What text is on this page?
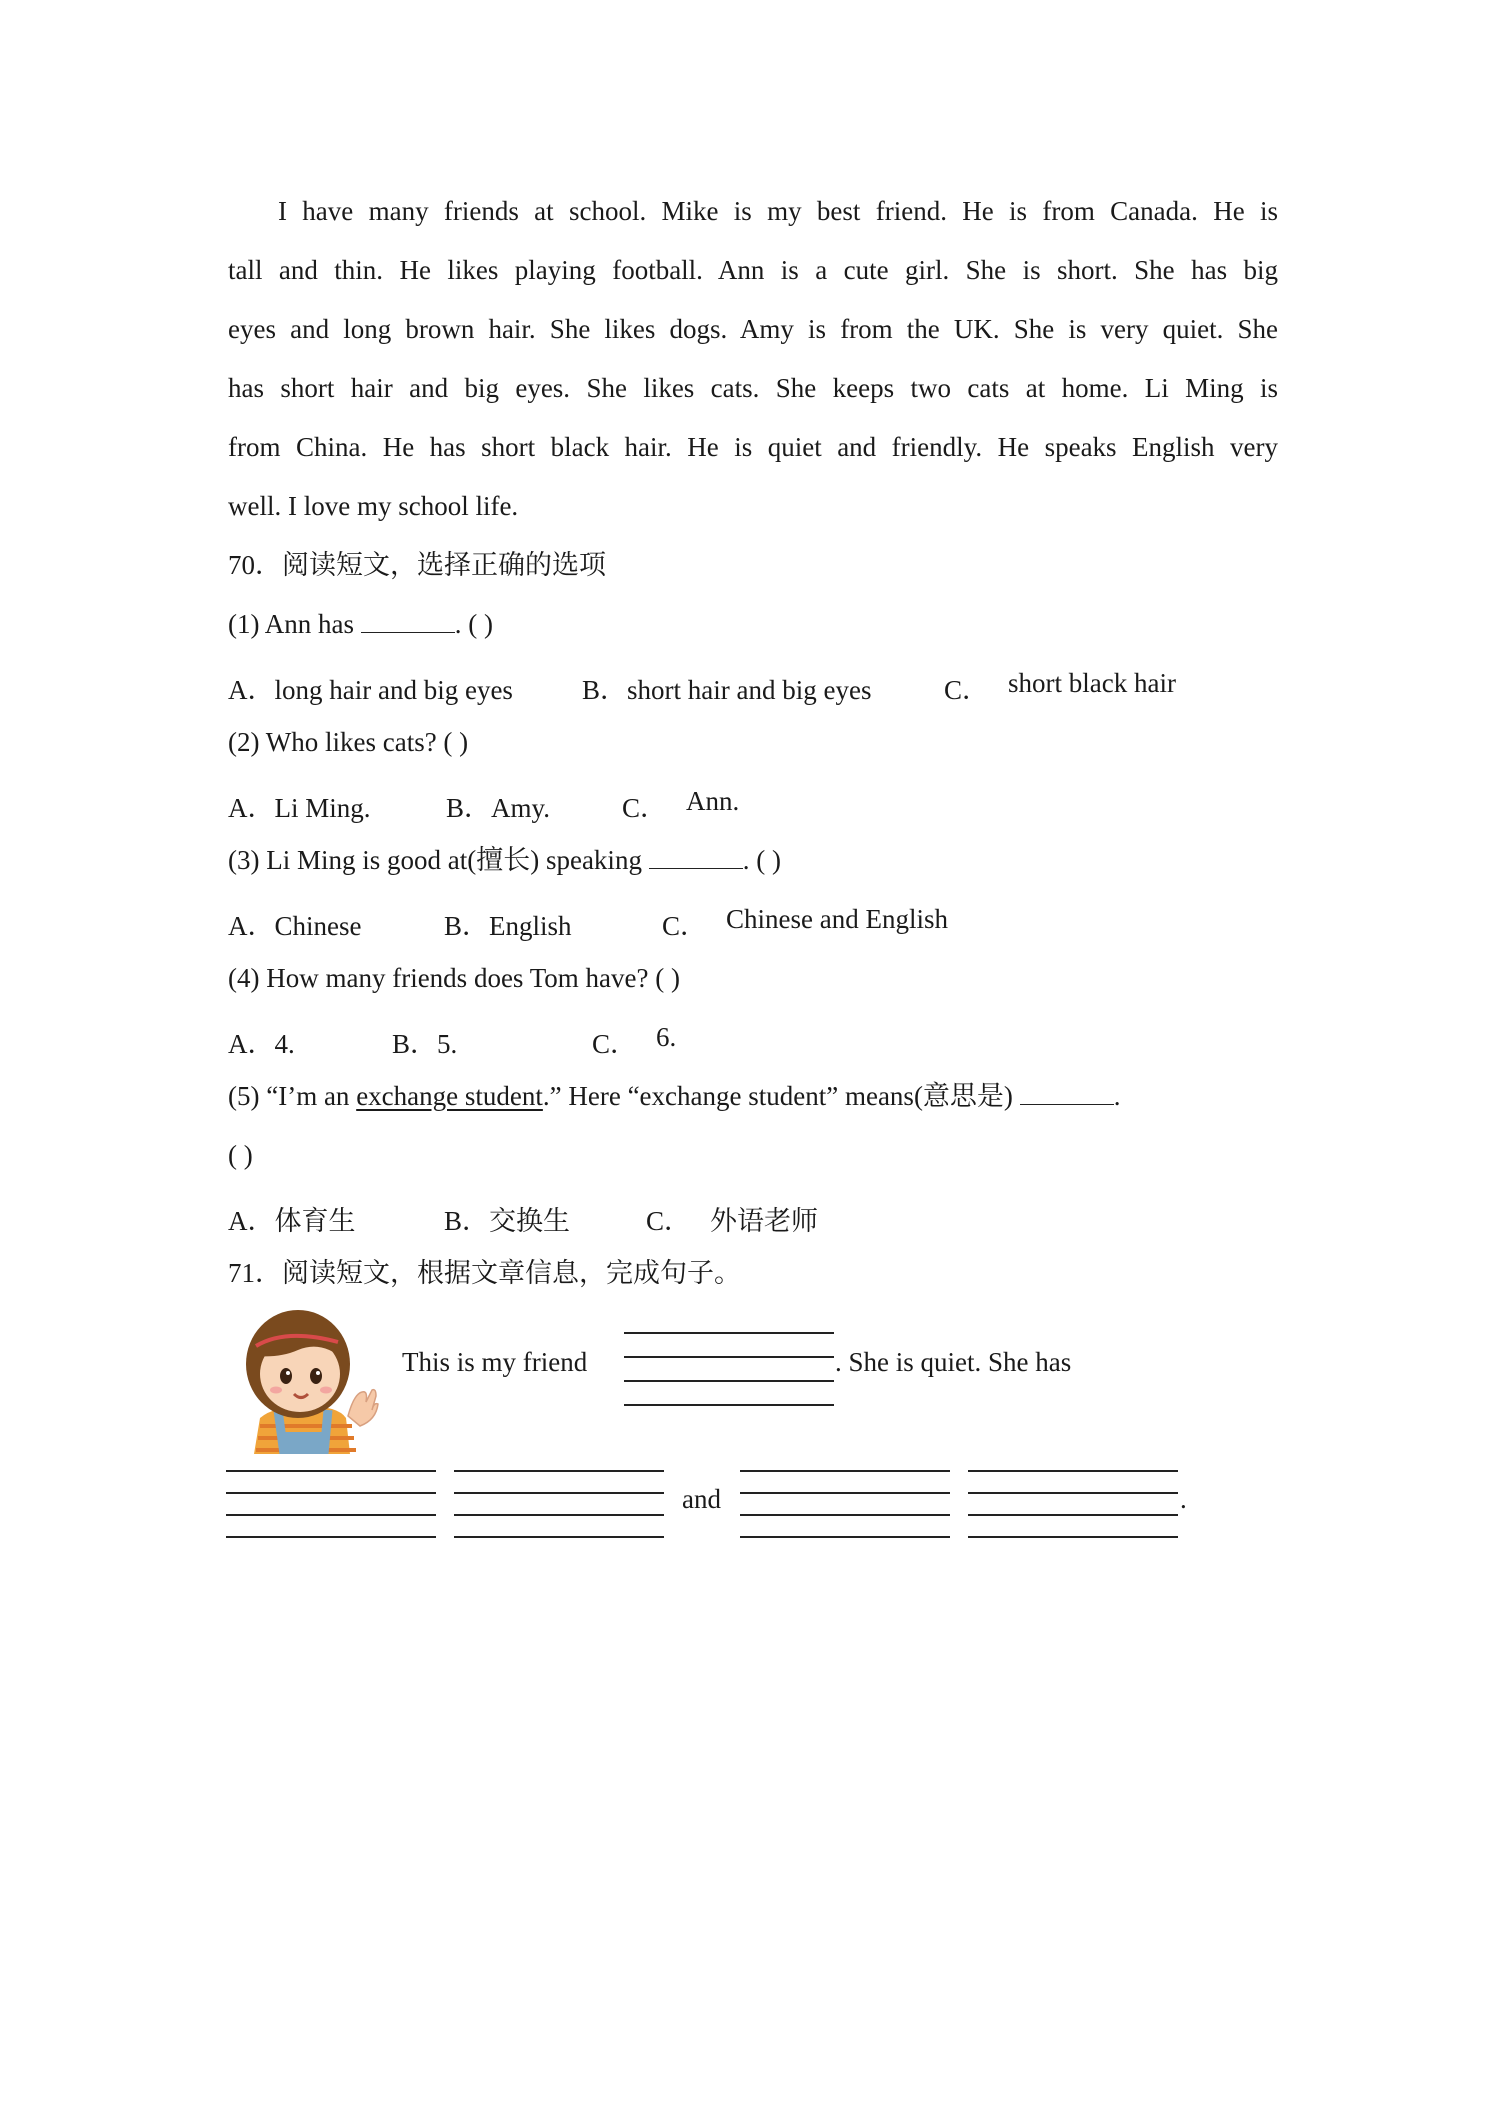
I have many friends at school. Mike is my best friend. He is from Canada. He is
tall and thin. He likes playing football. Ann is a cute girl. She is short. She has big
eyes and long brown hair. She likes dogs. Amy is from the UK. She is very quiet. She
has short hair and big eyes. She likes cats. She keeps two cats at home. Li Ming is
from China. He has short black hair. He is quiet and friendly. He speaks English very
well. I love my school life.
70．阅读短文，选择正确的选项
(1) Ann has	. ( )
A．long hair and big eyes	B．short hair and big eyes	C． short black hair
(2) Who likes cats? ( )
A．Li Ming.	B．Amy.	C． Ann.
(3) Li Ming is good at(擅长) speaking	. ( )
A．Chinese	B．English	C． Chinese and English
(4) How many friends does Tom have? ( )
A．4.	B．5.	C． 6.
(5) “I’m an exchange student.” Here “exchange student” means(意思是)	.
( )
A．体育生	B．交换生	C． 外语老师
71．阅读短文，根据文章信息，完成句子。
This is my friend	. She is quiet. She has
and	.
